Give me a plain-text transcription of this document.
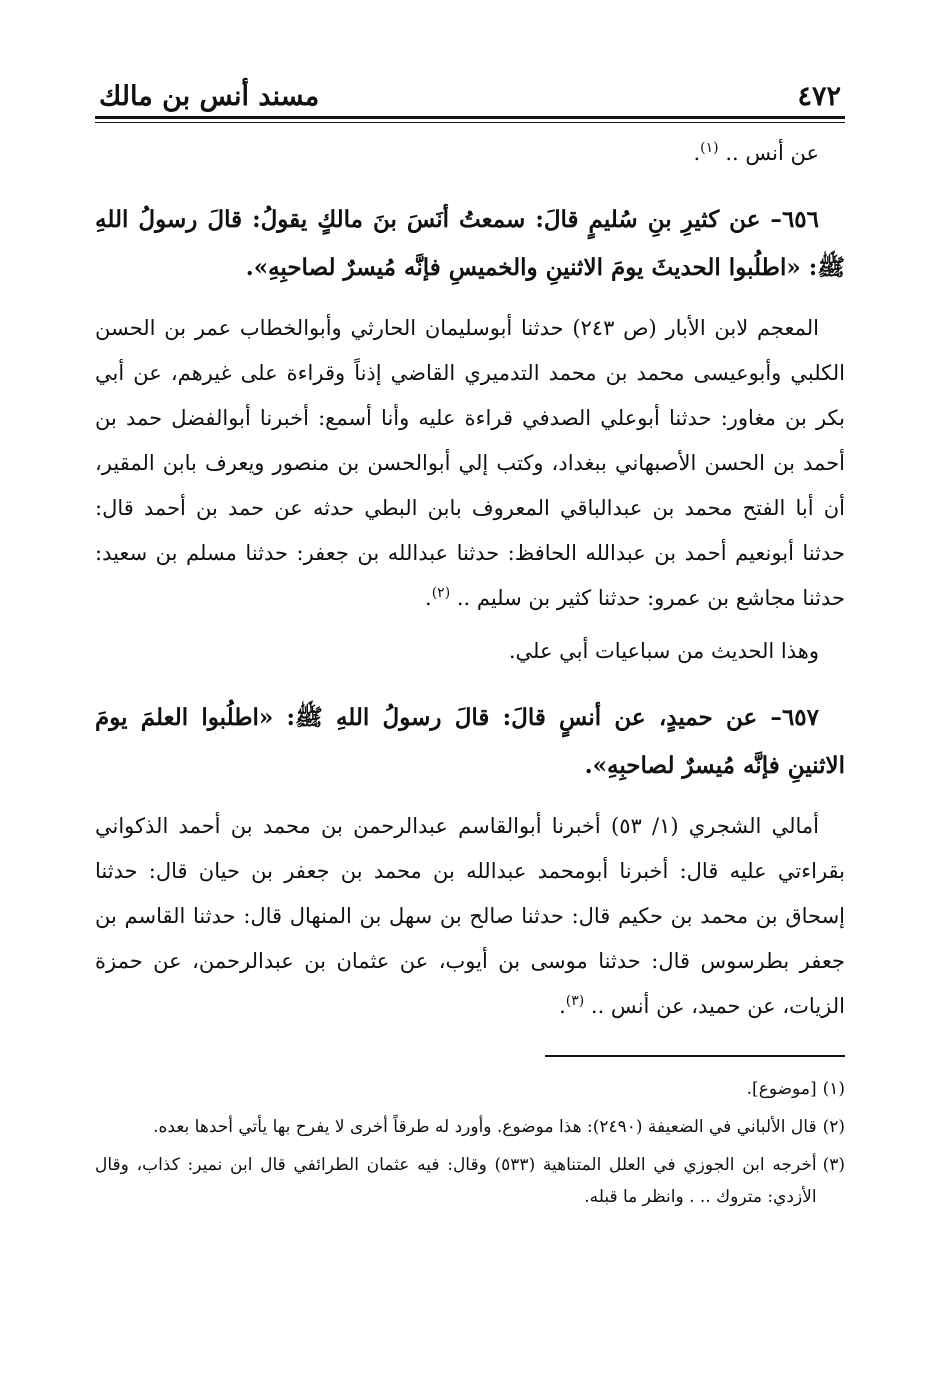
٤٧٢
مسند أنس بن مالك

عن أنس .. $^{(١)}$.

٦٥٦– عن كثيرِ بنِ سُليمٍ قالَ: سمعتُ أنَسَ بنَ مالكٍ يقولُ: قالَ رسولُ اللهِ ﷺ: «اطلُبوا الحديثَ يومَ الاثنينِ والخميسِ فإنَّه مُيسرٌ لصاحبِهِ».

المعجم لابن الأبار (ص ٢٤٣) حدثنا أبوسليمان الحارثي وأبوالخطاب عمر بن الحسن الكلبي وأبوعيسى محمد بن محمد التدميري القاضي إذناً وقراءة على غيرهم، عن أبي بكر بن مغاور: حدثنا أبوعلي الصدفي قراءة عليه وأنا أسمع: أخبرنا أبوالفضل حمد بن أحمد بن الحسن الأصبهاني ببغداد، وكتب إلي أبوالحسن بن منصور ويعرف بابن المقير، أن أبا الفتح محمد بن عبدالباقي المعروف بابن البطي حدثه عن حمد بن أحمد قال: حدثنا أبونعيم أحمد بن عبدالله الحافظ: حدثنا عبدالله بن جعفر: حدثنا مسلم بن سعيد: حدثنا مجاشع بن عمرو: حدثنا كثير بن سليم .. $^{(٢)}$.

وهذا الحديث من سباعيات أبي علي.

٦٥٧– عن حميدٍ، عن أنسٍ قالَ: قالَ رسولُ اللهِ ﷺ: «اطلُبوا العلمَ يومَ الاثنينِ فإنَّه مُيسرٌ لصاحبِهِ».

أمالي الشجري (١/ ٥٣) أخبرنا أبوالقاسم عبدالرحمن بن محمد بن أحمد الذكواني بقراءتي عليه قال: أخبرنا أبومحمد عبدالله بن محمد بن جعفر بن حيان قال: حدثنا إسحاق بن محمد بن حكيم قال: حدثنا صالح بن سهل بن المنهال قال: حدثنا القاسم بن جعفر بطرسوس قال: حدثنا موسى بن أيوب، عن عثمان بن عبدالرحمن، عن حمزة الزيات، عن حميد، عن أنس .. $^{(٣)}$.

(١)
[موضوع].
(٢)
قال الألباني في الضعيفة (٢٤٩٠): هذا موضوع. وأورد له طرقاً أخرى لا يفرح بها يأتي أحدها بعده.
(٣)
أخرجه ابن الجوزي في العلل المتناهية (٥٣٣) وقال: فيه عثمان الطرائفي قال ابن نمير: كذاب، وقال الأزدي: متروك .. . وانظر ما قبله.
